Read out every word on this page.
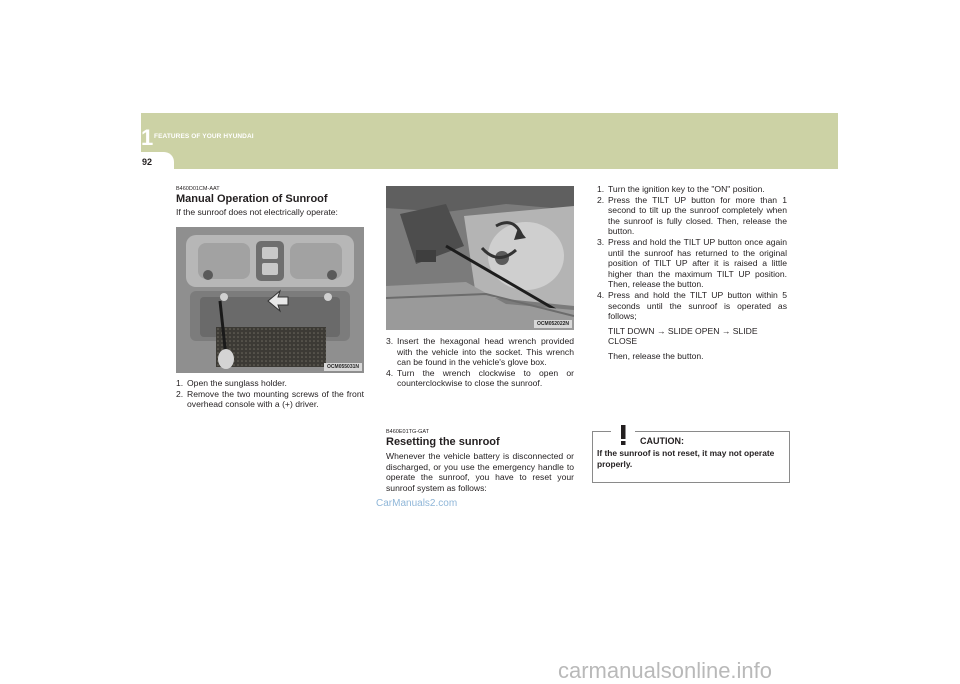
1 FEATURES OF YOUR HYUNDAI
92
B460D01CM-AAT
Manual Operation of Sunroof
If the sunroof does not electrically operate:
OCM055031N
1. Open the sunglass holder.
2. Remove the two mounting screws of the front overhead console with a (+) driver.
OCM052022N
3. Insert the hexagonal head wrench provided with the vehicle into the socket. This wrench can be found in the vehicle's glove box.
4. Turn the wrench clockwise to open or counterclockwise to close the sunroof.
B460E01TG-GAT
Resetting the sunroof
Whenever the vehicle battery is disconnected or discharged, or you use the emergency handle to operate the sunroof, you have to reset your sunroof system as follows:
1. Turn the ignition key to the "ON" position.
2. Press the TILT UP button for more than 1 second to tilt up the sunroof completely when the sunroof is fully closed. Then, release the button.
3. Press and hold the TILT UP button once again until the sunroof has returned to the original position of TILT UP after it is raised a little higher than the maximum TILT UP position. Then, release the button.
4. Press and hold the TILT UP button within 5 seconds until the sunroof is operated as follows;
TILT DOWN → SLIDE OPEN → SLIDE CLOSE
Then, release the button.
CAUTION:
If the sunroof is not reset, it may not operate properly.
CarManuals2.com
carmanualsonline.info
